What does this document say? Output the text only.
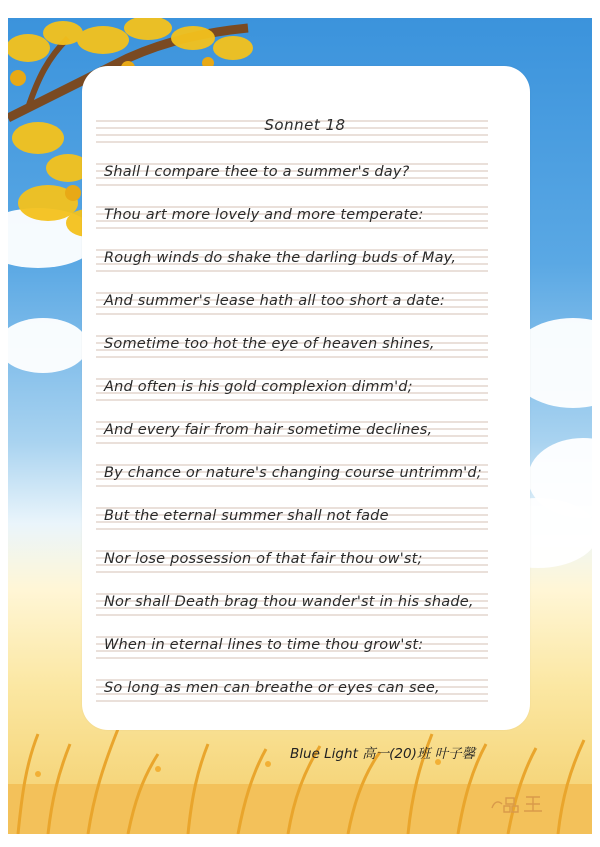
Sonnet 18
Shall I compare thee to a summer's day?
Thou art more lovely and more temperate:
Rough winds do shake the darling buds of May,
And summer's lease hath all too short a date:
Sometime too hot the eye of heaven shines,
And often is his gold complexion dimm'd;
And every fair from hair sometime declines,
By chance or nature's changing course untrimm'd;
But the eternal summer shall not fade
Nor lose possession of that fair thou ow'st;
Nor shall Death brag thou wander'st in his shade,
When in eternal lines to time thou grow'st:
So long as men can breathe or eyes can see,
Blue Light 高一(20)班 叶子馨
